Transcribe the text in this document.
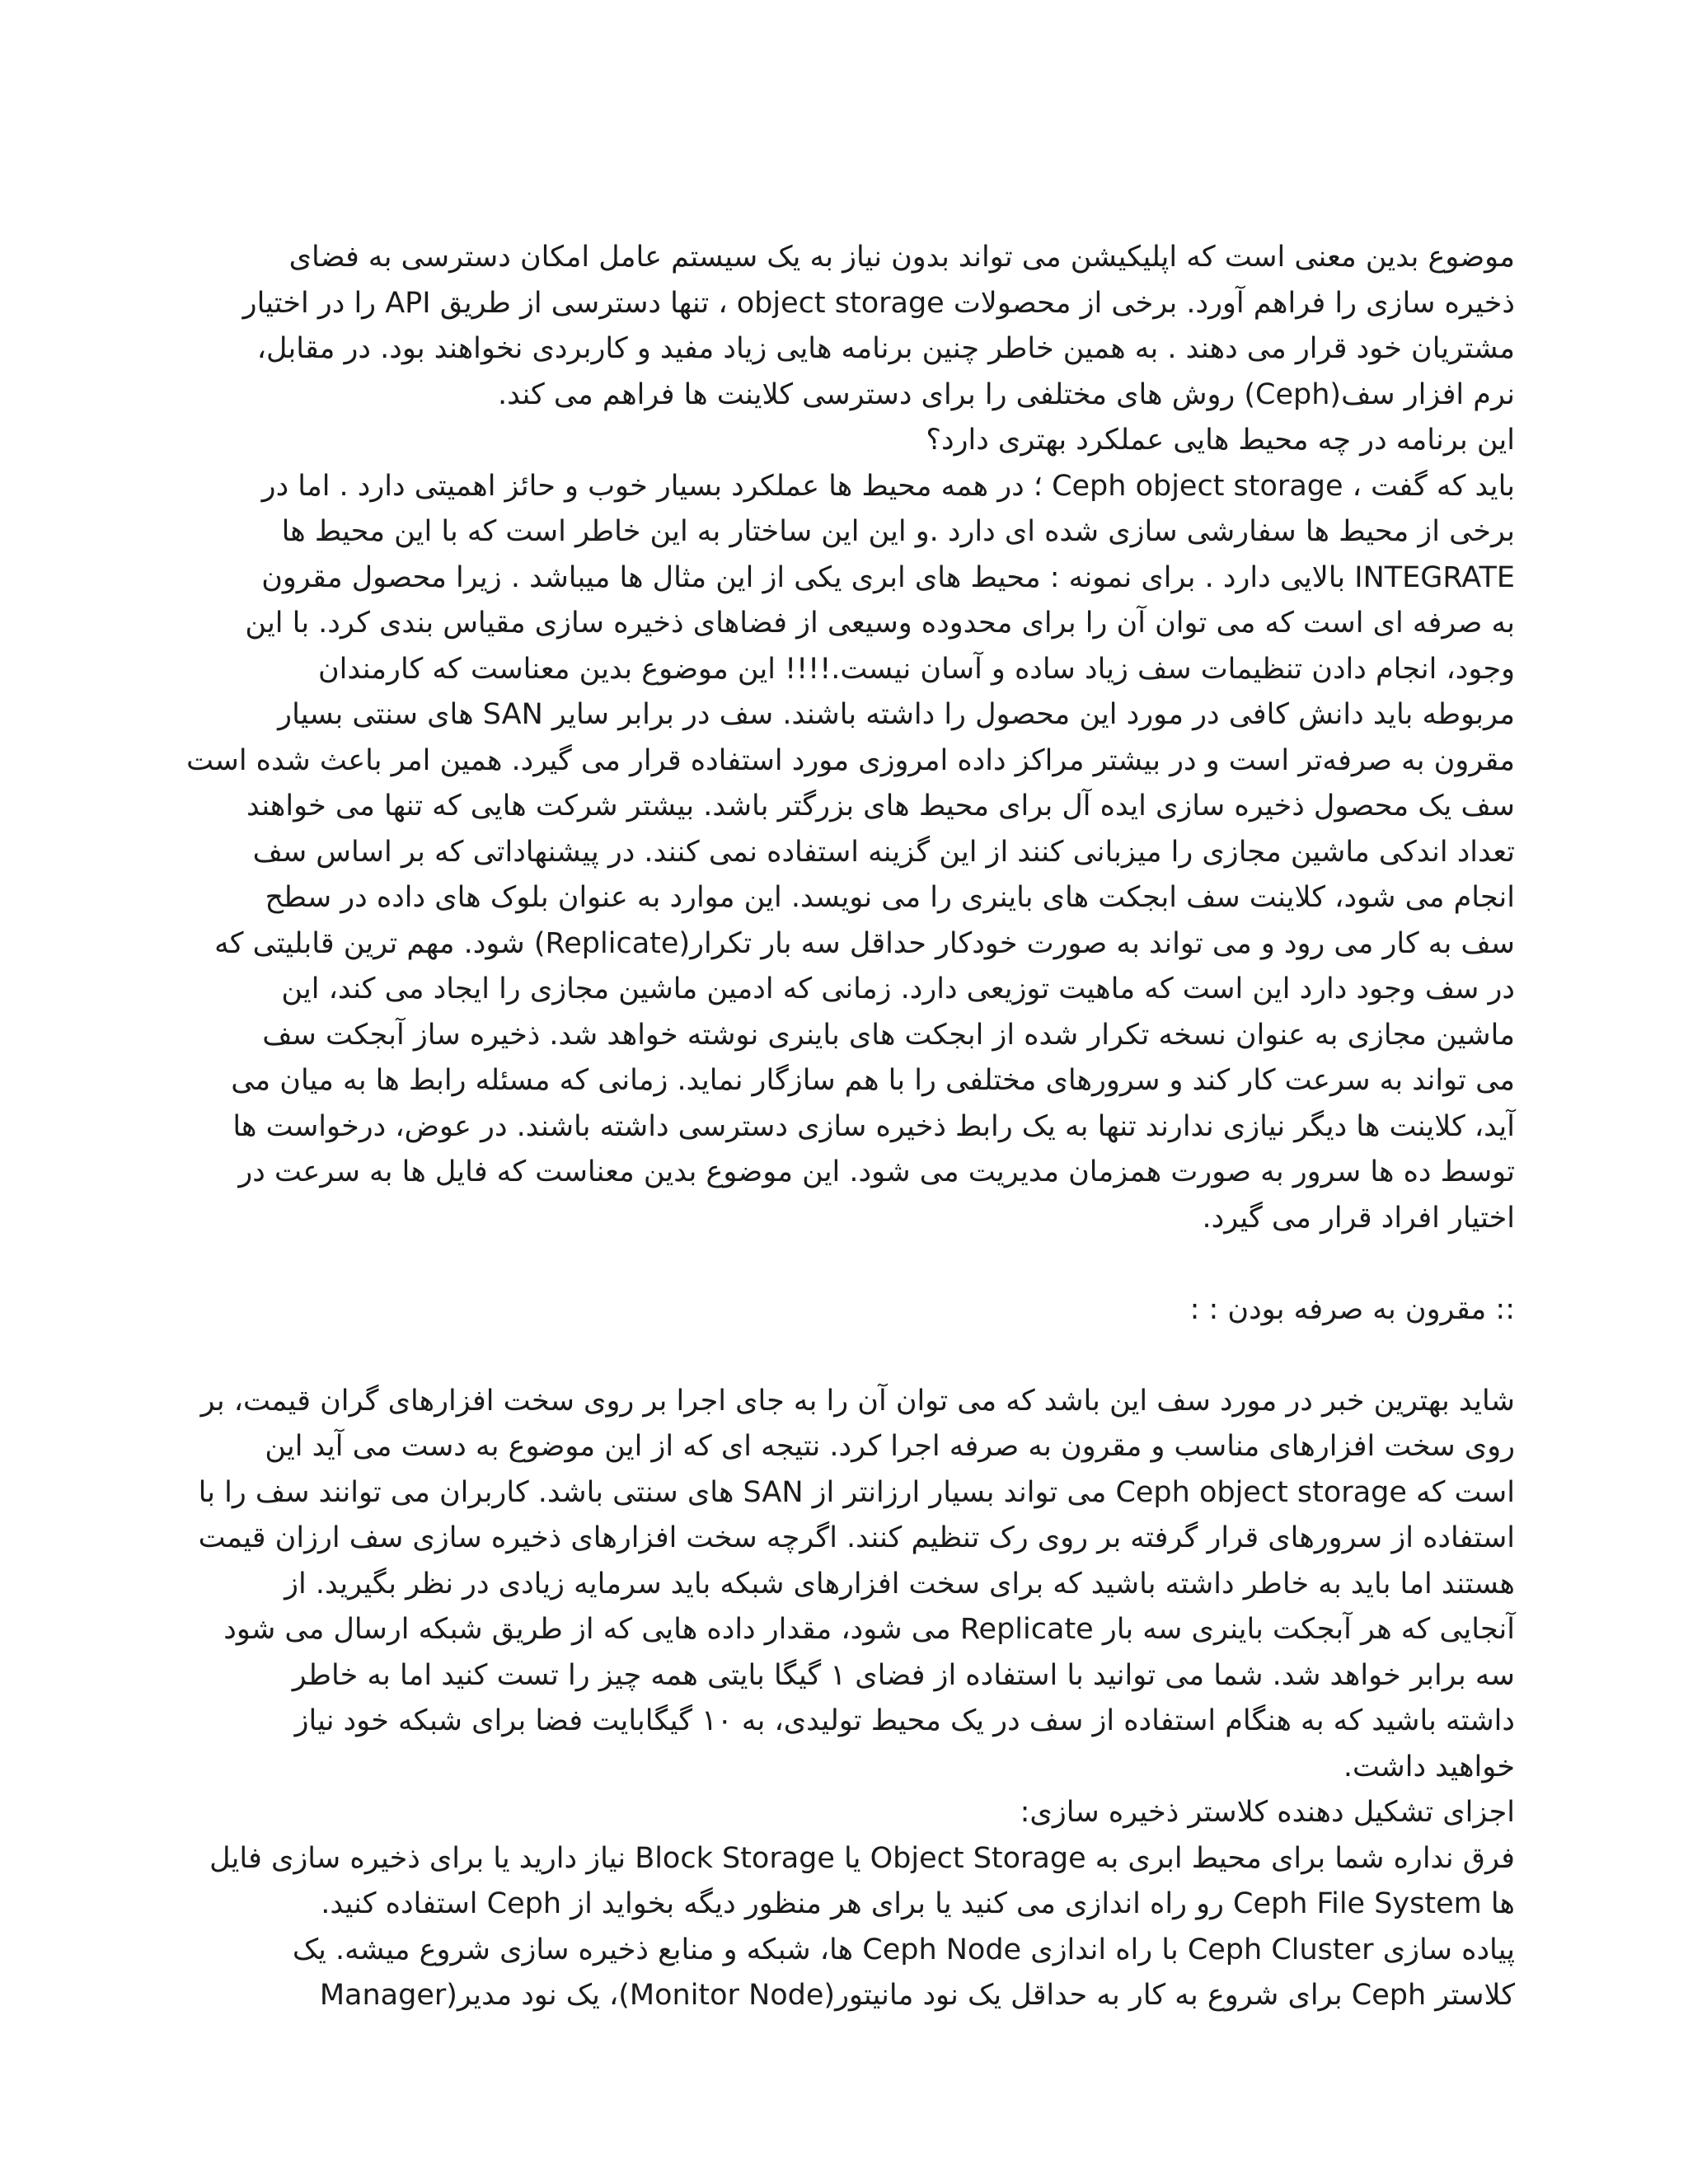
موضوع بدین معنی است که اپلیکیشن می تواند بدون نیاز به یک سیستم عامل امکان دسترسی به فضای
ذخیره سازی را فراهم آورد. برخی از محصولات object storage ، تنها دسترسی از طریق API را در اختیار
مشتریان خود قرار می دهند . به همین خاطر چنین برنامه هایی زیاد مفید و کاربردی نخواهند بود. در مقابل،
نرم افزار سف(Ceph) روش های مختلفی را برای دسترسی کلاینت ها فراهم می کند.

این برنامه در چه محیط هایی عملکرد بهتری دارد؟

باید که گفت ، Ceph object storage ؛ در همه محیط ها عملکرد بسیار خوب و حائز اهمیتی دارد . اما در
برخی از محیط ها سفارشی سازی شده ای دارد .و این این ساختار به این خاطر است که با این محیط ها
INTEGRATE بالایی دارد . برای نمونه : محیط های ابری یکی از این مثال ها میباشد . زیرا محصول مقرون
به صرفه ای است که می توان آن را برای محدوده وسیعی از فضاهای ذخیره سازی مقیاس بندی کرد. با این
وجود، انجام دادن تنظیمات سف زیاد ساده و آسان نیست.!!!! این موضوع بدین معناست که کارمندان
مربوطه باید دانش کافی در مورد این محصول را داشته باشند. سف در برابر سایر SAN های سنتی بسیار
مقرون به صرفه‌تر است و در بیشتر مراکز داده امروزی مورد استفاده قرار می گیرد. همین امر باعث شده است
سف یک محصول ذخیره سازی ایده آل برای محیط های بزرگتر باشد. بیشتر شرکت هایی که تنها می خواهند
تعداد اندکی ماشین مجازی را میزبانی کنند از این گزینه استفاده نمی کنند. در پیشنهاداتی که بر اساس سف
انجام می شود، کلاینت سف ابجکت های باینری را می نویسد. این موارد به عنوان بلوک های داده در سطح
سف به کار می رود و می تواند به صورت خودکار حداقل سه بار تکرار(Replicate) شود. مهم ترین قابلیتی که
در سف وجود دارد این است که ماهیت توزیعی دارد. زمانی که ادمین ماشین مجازی را ایجاد می کند، این
ماشین مجازی به عنوان نسخه تکرار شده از ابجکت های باینری نوشته خواهد شد. ذخیره ساز آبجکت سف
می تواند به سرعت کار کند و سرورهای مختلفی را با هم سازگار نماید. زمانی که مسئله رابط ها به میان می
آید، کلاینت ها دیگر نیازی ندارند تنها به یک رابط ذخیره سازی دسترسی داشته باشند. در عوض، درخواست ها
توسط ده ها سرور به صورت همزمان مدیریت می شود. این موضوع بدین معناست که فایل ها به سرعت در
اختیار افراد قرار می گیرد.

:: مقرون به صرفه بودن : :

شاید بهترین خبر در مورد سف این باشد که می توان آن را به جای اجرا بر روی سخت افزارهای گران قیمت، بر
روی سخت افزارهای مناسب و مقرون به صرفه اجرا کرد. نتیجه ای که از این موضوع به دست می آید این
است که Ceph object storage می تواند بسیار ارزانتر از SAN های سنتی باشد. کاربران می توانند سف را با
استفاده از سرورهای قرار گرفته بر روی رک تنظیم کنند. اگرچه سخت افزارهای ذخیره سازی سف ارزان قیمت
هستند اما باید به خاطر داشته باشید که برای سخت افزارهای شبکه باید سرمایه زیادی در نظر بگیرید. از
آنجایی که هر آبجکت باینری سه بار Replicate می شود، مقدار داده هایی که از طریق شبکه ارسال می شود
سه برابر خواهد شد. شما می توانید با استفاده از فضای ۱ گیگا بایتی همه چیز را تست کنید اما به خاطر
داشته باشید که به هنگام استفاده از سف در یک محیط تولیدی، به ۱۰ گیگابایت فضا برای شبکه خود نیاز
خواهید داشت.

اجزای تشکیل دهنده کلاستر ذخیره سازی:

فرق نداره شما برای محیط ابری به Object Storage یا Block Storage نیاز دارید یا برای ذخیره سازی فایل
ها Ceph File System رو راه اندازی می کنید یا برای هر منظور دیگه بخواید از Ceph استفاده کنید.
پیاده سازی Ceph Cluster با راه اندازی Ceph Node ها، شبکه و منابع ذخیره سازی شروع میشه. یک
کلاستر Ceph برای شروع به کار به حداقل یک نود مانیتور(Monitor Node)، یک نود مدیر(Manager
